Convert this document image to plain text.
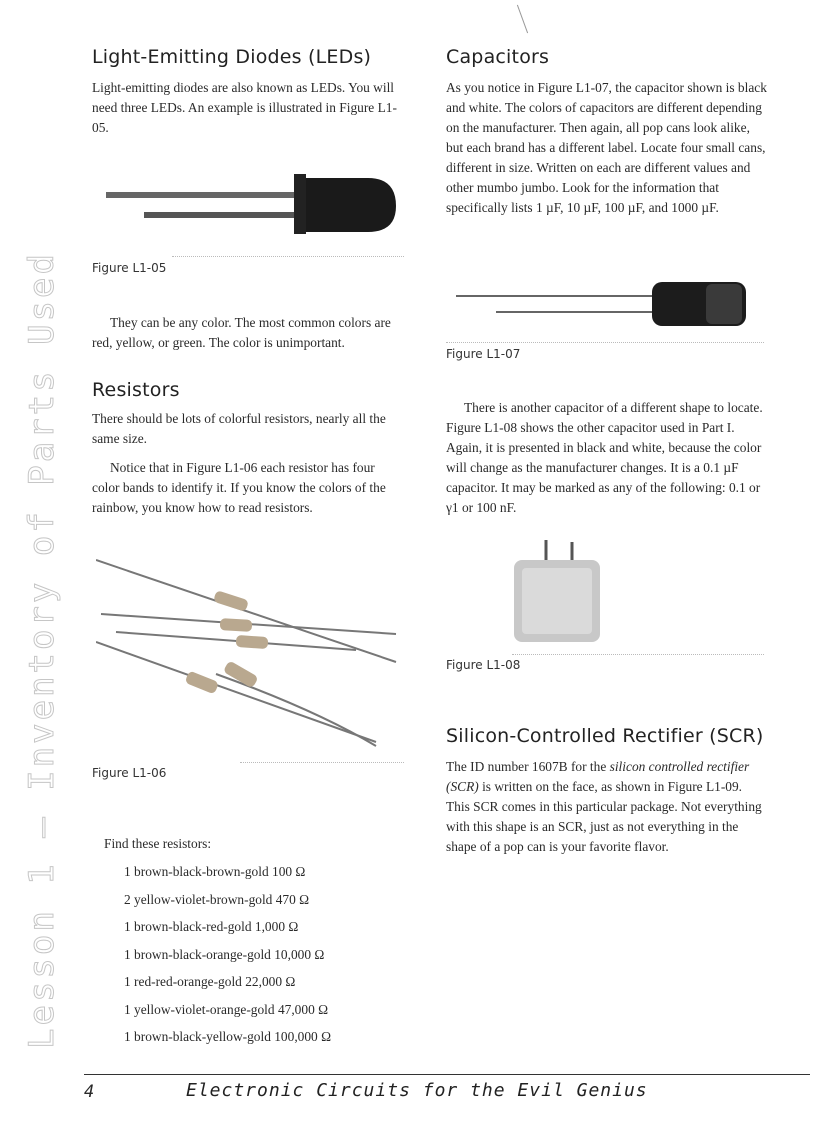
Lesson 1 — Inventory of Parts Used
Light-Emitting Diodes (LEDs)

Light-emitting diodes are also known as LEDs. You will need three LEDs. An example is illustrated in Figure L1-05.

Figure L1-05

They can be any color. The most common colors are red, yellow, or green. The color is unimportant.

Resistors

There should be lots of colorful resistors, nearly all the same size.

Notice that in Figure L1-06 each resistor has four color bands to identify it. If you know the colors of the rainbow, you know how to read resistors.

Figure L1-06
Find these resistors:
1 brown-black-brown-gold 100 Ω
2 yellow-violet-brown-gold 470 Ω
1 brown-black-red-gold 1,000 Ω
1 brown-black-orange-gold 10,000 Ω
1 red-red-orange-gold 22,000 Ω
1 yellow-violet-orange-gold 47,000 Ω
1 brown-black-yellow-gold 100,000 Ω
Capacitors

As you notice in Figure L1-07, the capacitor shown is black and white. The colors of capacitors are different depending on the manufacturer. Then again, all pop cans look alike, but each brand has a different label. Locate four small cans, different in size. Written on each are different values and other mumbo jumbo. Look for the information that specifically lists 1 µF, 10 µF, 100 µF, and 1000 µF.

Figure L1-07

There is another capacitor of a different shape to locate. Figure L1-08 shows the other capacitor used in Part I. Again, it is presented in black and white, because the color will change as the manufacturer changes. It is a 0.1 µF capacitor. It may be marked as any of the following: 0.1 or γ1 or 100 nF.

Figure L1-08
Silicon-Controlled Rectifier (SCR)

The ID number 1607B for the silicon controlled rectifier (SCR) is written on the face, as shown in Figure L1-09. This SCR comes in this particular package. Not everything with this shape is an SCR, just as not everything in the shape of a pop can is your favorite flavor.

4	Electronic Circuits for the Evil Genius
